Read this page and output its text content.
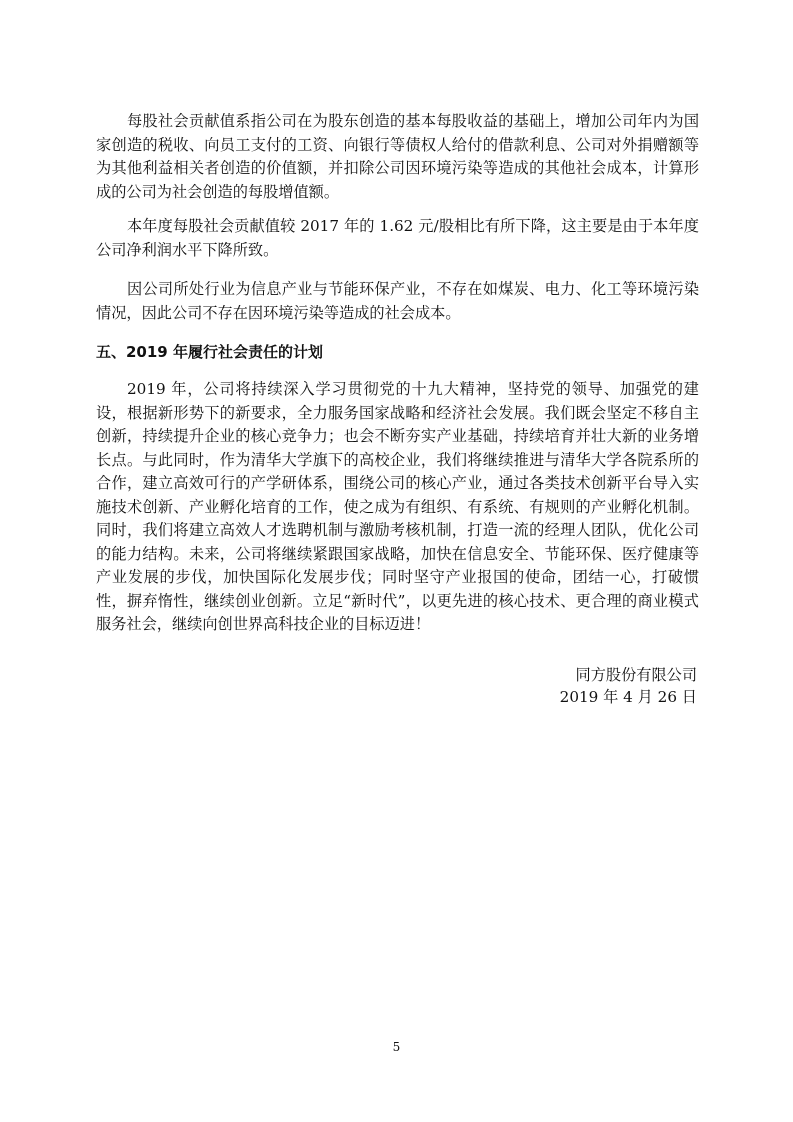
每股社会贡献值系指公司在为股东创造的基本每股收益的基础上，增加公司年内为国家创造的税收、向员工支付的工资、向银行等债权人给付的借款利息、公司对外捐赠额等为其他利益相关者创造的价值额，并扣除公司因环境污染等造成的其他社会成本，计算形成的公司为社会创造的每股增值额。

本年度每股社会贡献值较 2017 年的 1.62 元/股相比有所下降，这主要是由于本年度公司净利润水平下降所致。

因公司所处行业为信息产业与节能环保产业，不存在如煤炭、电力、化工等环境污染情况，因此公司不存在因环境污染等造成的社会成本。

五、2019 年履行社会责任的计划

2019 年，公司将持续深入学习贯彻党的十九大精神，坚持党的领导、加强党的建设，根据新形势下的新要求，全力服务国家战略和经济社会发展。我们既会坚定不移自主创新，持续提升企业的核心竞争力；也会不断夯实产业基础，持续培育并壮大新的业务增长点。与此同时，作为清华大学旗下的高校企业，我们将继续推进与清华大学各院系所的合作，建立高效可行的产学研体系，围绕公司的核心产业，通过各类技术创新平台导入实施技术创新、产业孵化培育的工作，使之成为有组织、有系统、有规则的产业孵化机制。同时，我们将建立高效人才选聘机制与激励考核机制，打造一流的经理人团队，优化公司的能力结构。未来，公司将继续紧跟国家战略，加快在信息安全、节能环保、医疗健康等产业发展的步伐，加快国际化发展步伐；同时坚守产业报国的使命，团结一心，打破惯性，摒弃惰性，继续创业创新。立足“新时代”，以更先进的核心技术、更合理的商业模式服务社会，继续向创世界高科技企业的目标迈进！

同方股份有限公司
2019 年 4 月 26 日
5
